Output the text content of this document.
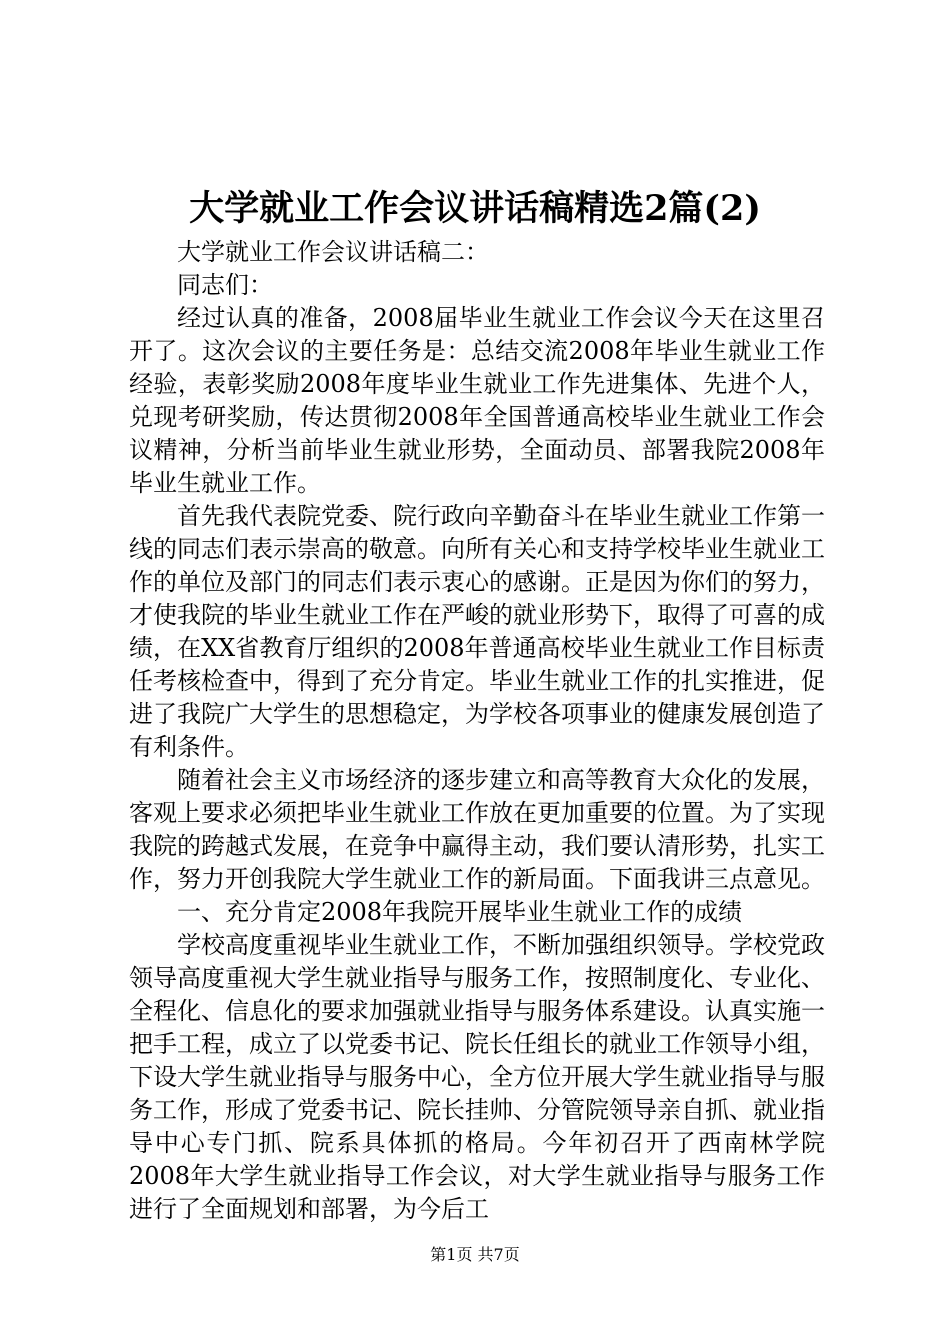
大学就业工作会议讲话稿精选2篇(2)

大学就业工作会议讲话稿二：

同志们：

经过认真的准备，2008届毕业生就业工作会议今天在这里召开了。这次会议的主要任务是：总结交流2008年毕业生就业工作经验，表彰奖励2008年度毕业生就业工作先进集体、先进个人，兑现考研奖励，传达贯彻2008年全国普通高校毕业生就业工作会议精神，分析当前毕业生就业形势，全面动员、部署我院2008年毕业生就业工作。

首先我代表院党委、院行政向辛勤奋斗在毕业生就业工作第一线的同志们表示崇高的敬意。向所有关心和支持学校毕业生就业工作的单位及部门的同志们表示衷心的感谢。正是因为你们的努力，才使我院的毕业生就业工作在严峻的就业形势下，取得了可喜的成绩，在XX省教育厅组织的2008年普通高校毕业生就业工作目标责任考核检查中，得到了充分肯定。毕业生就业工作的扎实推进，促进了我院广大学生的思想稳定，为学校各项事业的健康发展创造了有利条件。

随着社会主义市场经济的逐步建立和高等教育大众化的发展，客观上要求必须把毕业生就业工作放在更加重要的位置。为了实现我院的跨越式发展，在竞争中赢得主动，我们要认清形势，扎实工作，努力开创我院大学生就业工作的新局面。下面我讲三点意见。

一、充分肯定2008年我院开展毕业生就业工作的成绩

学校高度重视毕业生就业工作，不断加强组织领导。学校党政领导高度重视大学生就业指导与服务工作，按照制度化、专业化、全程化、信息化的要求加强就业指导与服务体系建设。认真实施一把手工程，成立了以党委书记、院长任组长的就业工作领导小组，下设大学生就业指导与服务中心，全方位开展大学生就业指导与服务工作，形成了党委书记、院长挂帅、分管院领导亲自抓、就业指导中心专门抓、院系具体抓的格局。今年初召开了西南林学院2008年大学生就业指导工作会议，对大学生就业指导与服务工作进行了全面规划和部署，为今后工

第1页 共7页
